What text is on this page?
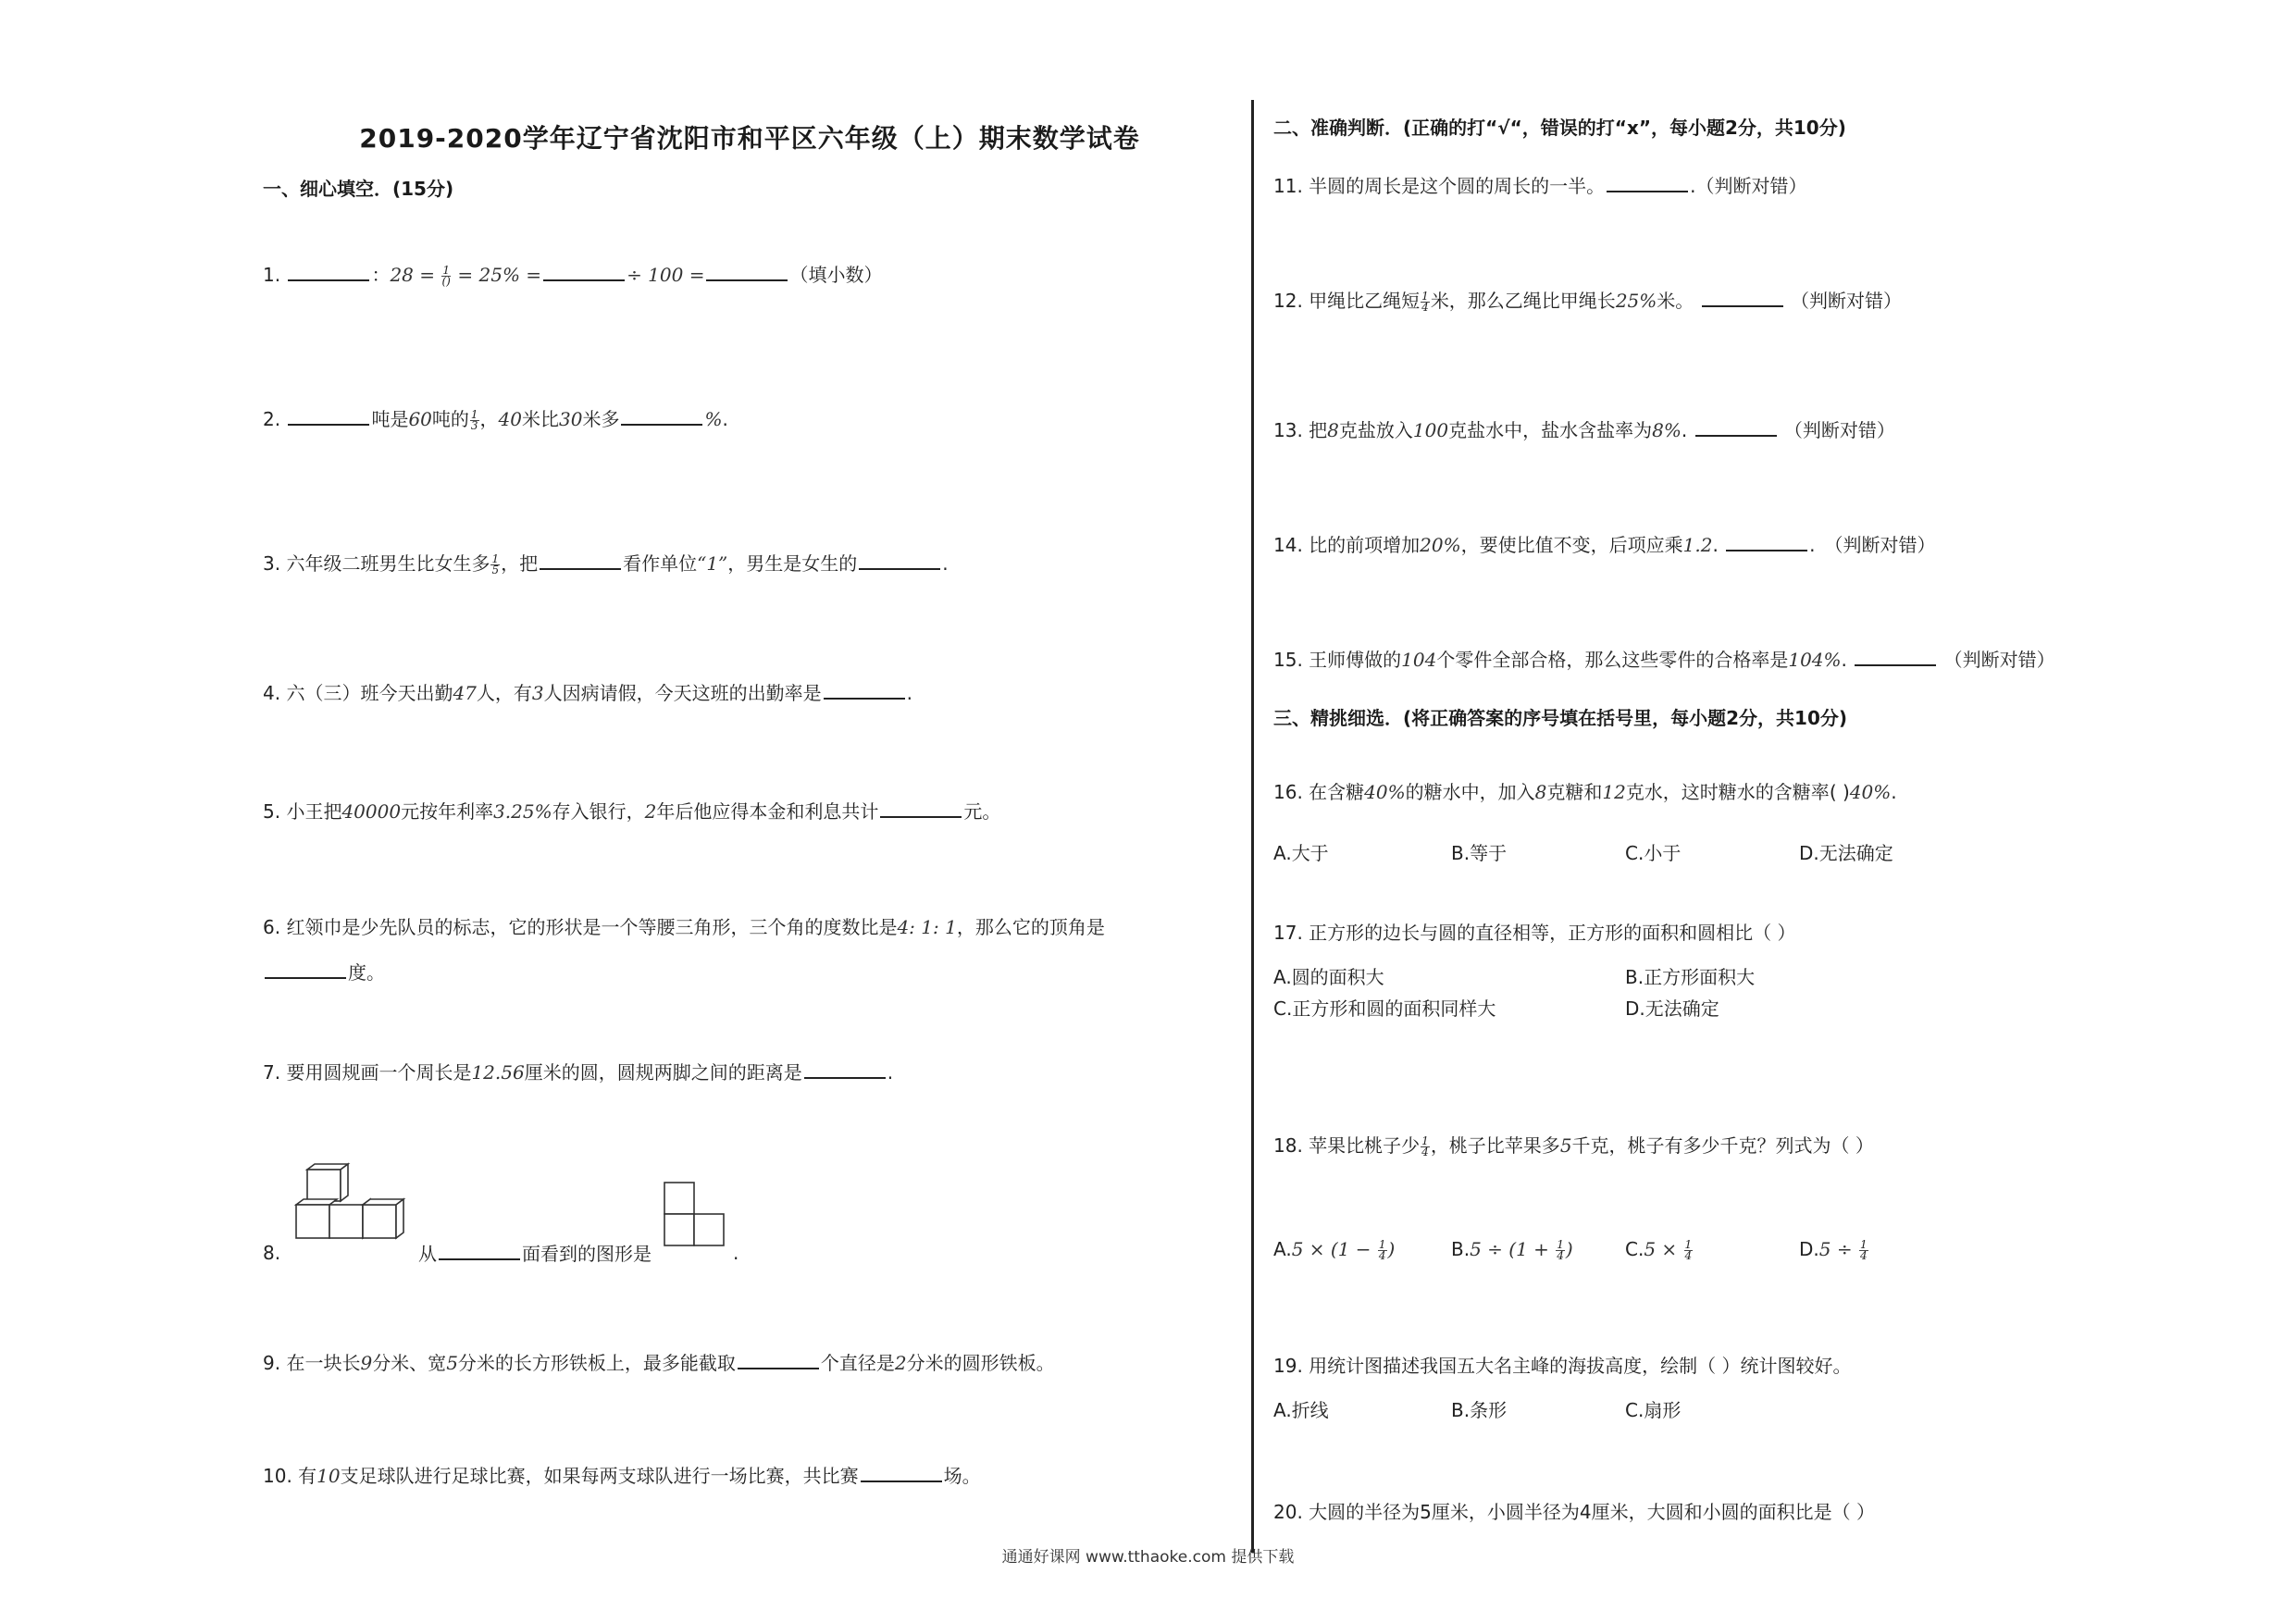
2019-2020学年辽宁省沈阳市和平区六年级（上）期末数学试卷
一、细心填空．(15分)
1.	：$28 = \frac{1}{()} = 25\%$ =	÷ 100 =	（填小数）
2.	吨是60吨的 $\frac{1}{3}$ ，40米比30米多	%.
3. 六年级二班男生比女生多 $\frac{1}{5}$ ，把	看作单位“1”，男生是女生的	.
4. 六（三）班今天出勤47人，有3人因病请假，今天这班的出勤率是	.
5. 小王把40000元按年利率3.25%存入银行，2年后他应得本金和利息共计	元。
6. 红领巾是少先队员的标志，它的形状是一个等腰三角形，三个角的度数比是4: 1: 1，那么它的顶角是
度。
7. 要用圆规画一个周长是12.56厘米的圆，圆规两脚之间的距离是	.
8.	从	面看到的图形是	.
9. 在一块长9分米、宽5分米的长方形铁板上，最多能截取	个直径是2分米的圆形铁板。
10. 有10支足球队进行足球比赛，如果每两支球队进行一场比赛，共比赛	场。
二、准确判断．(正确的打“√“，错误的打“x”，每小题2分，共10分)
11. 半圆的周长是这个圆的周长的一半。	.（判断对错）
12. 甲绳比乙绳短 $\frac{1}{4}$ 米，那么乙绳比甲绳长25%米。	（判断对错）
13. 把8克盐放入100克盐水中，盐水含盐率为8%.	（判断对错）
14. 比的前项增加20%，要使比值不变，后项应乘1.2.	.　（判断对错）
15. 王师傅做的104个零件全部合格，那么这些零件的合格率是104%.	（判断对错）
三、精挑细选．(将正确答案的序号填在括号里，每小题2分，共10分)
16. 在含糖40%的糖水中，加入8克糖和12克水，这时糖水的含糖率( )40%.
A.大于	B.等于	C.小于	D.无法确定
17. 正方形的边长与圆的直径相等，正方形的面积和圆相比（ ）
A.圆的面积大	B.正方形面积大
C.正方形和圆的面积同样大	D.无法确定
18. 苹果比桃子少 $\frac{1}{4}$ ，桃子比苹果多5千克，桃子有多少千克？列式为（ ）
$A.5 \times (1 - \frac{1}{4}$ )	$B.5 \div (1 + \frac{1}{4}$ )	$C.5 \times \frac{1}{4}$	$D.5 \div \frac{1}{4}$
19. 用统计图描述我国五大名主峰的海拔高度，绘制（ ）统计图较好。
A.折线	B.条形	C.扇形
20. 大圆的半径为5厘米，小圆半径为4厘米，大圆和小圆的面积比是（ ）
通通好课网 www.tthaoke.com 提供下载
